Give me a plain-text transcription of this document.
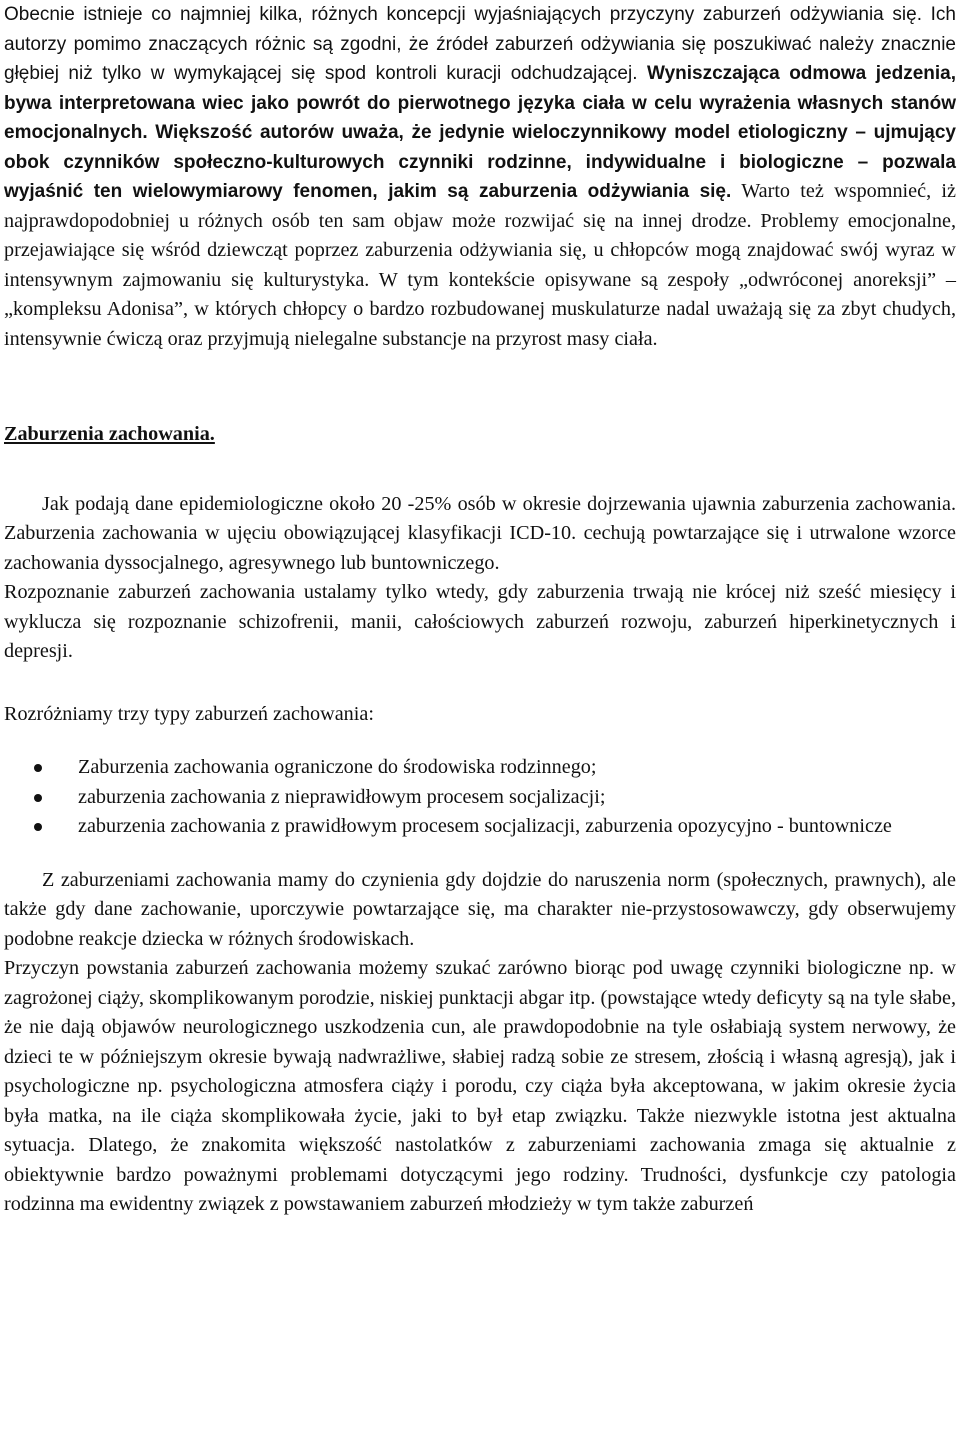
Obecnie istnieje co najmniej kilka, różnych koncepcji wyjaśniających przyczyny zaburzeń odżywiania się. Ich autorzy pomimo znaczących różnic są zgodni, że źródeł zaburzeń odżywiania się poszukiwać należy znacznie głębiej niż tylko w wymykającej się spod kontroli kuracji odchudzającej. Wyniszczająca odmowa jedzenia, bywa interpretowana wiec jako powrót do pierwotnego języka ciała w celu wyrażenia własnych stanów emocjonalnych. Większość autorów uważa, że jedynie wieloczynnikowy model etiologiczny – ujmujący obok czynników społeczno-kulturowych czynniki rodzinne, indywidualne i biologiczne – pozwala wyjaśnić ten wielowymiarowy fenomen, jakim są zaburzenia odżywiania się. Warto też wspomnieć, iż najprawdopodobniej u różnych osób ten sam objaw może rozwijać się na innej drodze. Problemy emocjonalne, przejawiające się wśród dziewcząt poprzez zaburzenia odżywiania się, u chłopców mogą znajdować swój wyraz w intensywnym zajmowaniu się kulturystyka. W tym kontekście opisywane są zespoły „odwróconej anoreksji” – „kompleksu Adonisa”, w których chłopcy o bardzo rozbudowanej muskulaturze nadal uważają się za zbyt chudych, intensywnie ćwiczą oraz przyjmują nielegalne substancje na przyrost masy ciała.

Zaburzenia zachowania.

Jak podają dane epidemiologiczne około 20 -25% osób w okresie dojrzewania ujawnia zaburzenia zachowania. Zaburzenia zachowania w ujęciu obowiązującej klasyfikacji ICD-10. cechują powtarzające się i utrwalone wzorce zachowania dyssocjalnego, agresywnego lub buntowniczego.

Rozpoznanie zaburzeń zachowania ustalamy tylko wtedy, gdy zaburzenia trwają nie krócej niż sześć miesięcy i wyklucza się rozpoznanie schizofrenii, manii, całościowych zaburzeń rozwoju, zaburzeń hiperkinetycznych i depresji.

Rozróżniamy trzy typy zaburzeń zachowania:

Zaburzenia zachowania ograniczone do środowiska rodzinnego;
zaburzenia zachowania z nieprawidłowym procesem socjalizacji;
zaburzenia zachowania z prawidłowym procesem socjalizacji, zaburzenia opozycyjno - buntownicze

Z zaburzeniami zachowania mamy do czynienia gdy dojdzie do naruszenia norm (społecznych, prawnych), ale także gdy dane zachowanie, uporczywie powtarzające się, ma charakter nie-przystosowawczy, gdy obserwujemy podobne reakcje dziecka w różnych środowiskach.

Przyczyn powstania zaburzeń zachowania możemy szukać zarówno biorąc pod uwagę czynniki biologiczne np. w zagrożonej ciąży, skomplikowanym porodzie, niskiej punktacji abgar itp. (powstające wtedy deficyty są na tyle słabe, że nie dają objawów neurologicznego uszkodzenia cun, ale prawdopodobnie na tyle osłabiają system nerwowy, że dzieci te w późniejszym okresie bywają nadwrażliwe, słabiej radzą sobie ze stresem, złością i własną agresją), jak i psychologiczne np. psychologiczna atmosfera ciąży i porodu, czy ciąża była akceptowana, w jakim okresie życia była matka, na ile ciąża skomplikowała życie, jaki to był etap związku. Także niezwykle istotna jest aktualna sytuacja. Dlatego, że znakomita większość nastolatków z zaburzeniami zachowania zmaga się aktualnie z obiektywnie bardzo poważnymi problemami dotyczącymi jego rodziny. Trudności, dysfunkcje czy patologia rodzinna ma ewidentny związek z powstawaniem zaburzeń młodzieży w tym także zaburzeń
